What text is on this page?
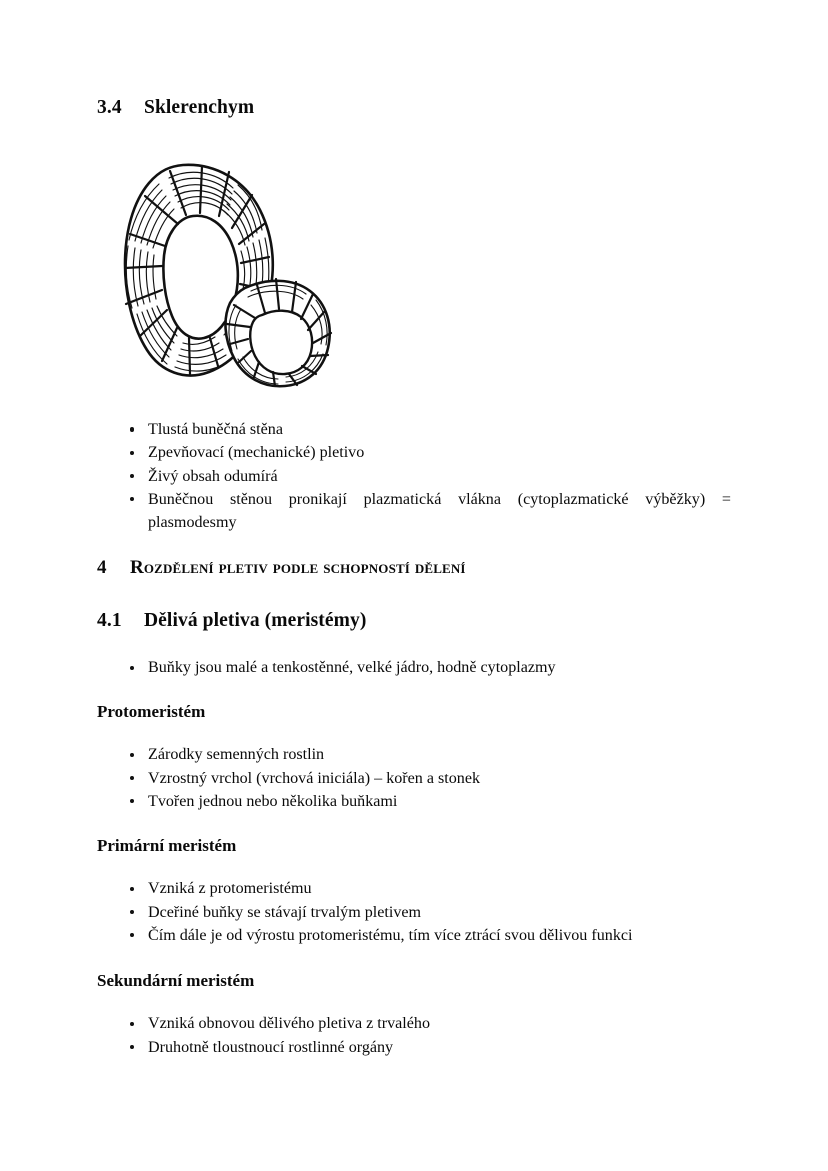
3.4	Sklerenchym
Tlustá buněčná stěna
Zpevňovací (mechanické) pletivo
Živý obsah odumírá
Buněčnou stěnou pronikají plazmatická vlákna (cytoplazmatické výběžky) = plasmodesmy
4	Rozdělení pletiv podle schopností dělení
4.1	Dělivá pletiva (meristémy)
Buňky jsou malé a tenkostěnné, velké jádro, hodně cytoplazmy
Protomeristém
Zárodky semenných rostlin
Vzrostný vrchol (vrchová iniciála) – kořen a stonek
Tvořen jednou nebo několika buňkami
Primární meristém
Vzniká z protomeristému
Dceřiné buňky se stávají trvalým pletivem
Čím dále je od výrostu protomeristému, tím více ztrácí svou dělivou funkci
Sekundární meristém
Vzniká obnovou dělivého pletiva z trvalého
Druhotně tloustnoucí rostlinné orgány
